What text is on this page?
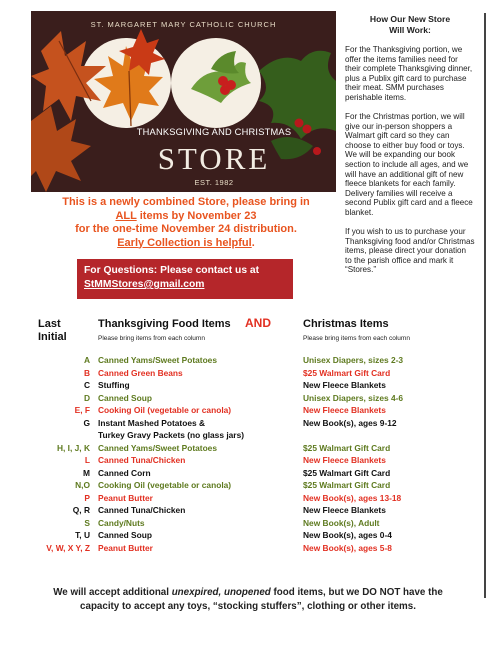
ST. MARGARET MARY CATHOLIC CHURCH
THANKSGIVING AND CHRISTMAS
STORE
EST. 1982
This is a newly combined Store, please bring in
ALL items by November 23
for the one-time November 24 distribution.
Early Collection is helpful.
For Questions: Please contact us at
StMMStores@gmail.com
How Our New Store
Will Work:

For the Thanksgiving portion, we offer the items families need for their complete Thanksgiving dinner, plus a Publix gift card to purchase their meat. SMM purchases perishable items.

For the Christmas portion, we will give our in-person shoppers a Walmart gift card so they can choose to either buy food or toys. We will be expanding our book section to include all ages, and we will have an additional gift of new fleece blankets for each family. Delivery families will receive a second Publix gift card and a fleece blanket.

If you wish to us to purchase your Thanksgiving food and/or Christmas items, please direct your donation to the parish office and mark it “Stores.”

Last
Initial
Thanksgiving Food Items AND	Christmas Items
Please bring items from each column	Please bring items from each column
A Canned Yams/Sweet Potatoes	Unisex Diapers, sizes 2-3
B Canned Green Beans	$25 Walmart Gift Card
C Stuffing	New Fleece Blankets
D Canned Soup	Unisex Diapers, sizes 4-6
E, F Cooking Oil (vegetable or canola)	New Fleece Blankets
G Instant Mashed Potatoes &	New Book(s), ages 9-12
Turkey Gravy Packets (no glass jars)
H, I, J, K Canned Yams/Sweet Potatoes	$25 Walmart Gift Card
L Canned Tuna/Chicken	New Fleece Blankets
M Canned Corn	$25 Walmart Gift Card
N,O Cooking Oil (vegetable or canola)	$25 Walmart Gift Card
P Peanut Butter	New Book(s), ages 13-18
Q, R Canned Tuna/Chicken	New Fleece Blankets
S Candy/Nuts	New Book(s), Adult
T, U Canned Soup	New Book(s), ages 0-4
V, W, X Y, Z Peanut Butter	New Book(s), ages 5-8
We will accept additional unexpired, unopened food items, but we DO NOT have the
capacity to accept any toys, “stocking stuffers”, clothing or other items.
